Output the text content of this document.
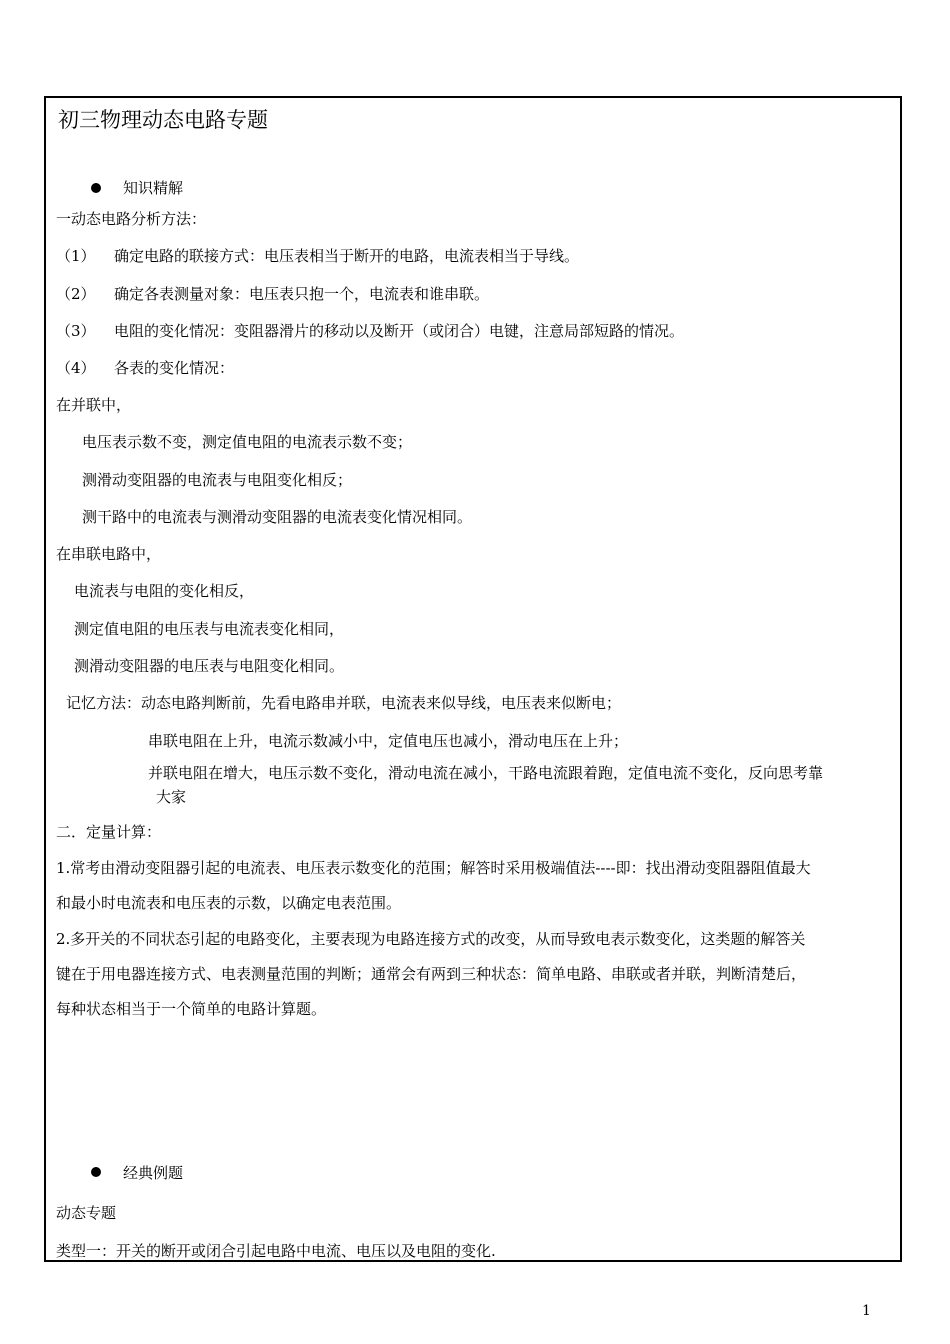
初三物理动态电路专题
知识精解
一动态电路分析方法：
（1） 确定电路的联接方式：电压表相当于断开的电路，电流表相当于导线。
（2） 确定各表测量对象：电压表只抱一个，电流表和谁串联。
（3） 电阻的变化情况：变阻器滑片的移动以及断开（或闭合）电键，注意局部短路的情况。
（4） 各表的变化情况：
在并联中，
电压表示数不变，测定值电阻的电流表示数不变；
测滑动变阻器的电流表与电阻变化相反；
测干路中的电流表与测滑动变阻器的电流表变化情况相同。
在串联电路中，
电流表与电阻的变化相反，
测定值电阻的电压表与电流表变化相同，
测滑动变阻器的电压表与电阻变化相同。
记忆方法：动态电路判断前，先看电路串并联，电流表来似导线，电压表来似断电；
串联电阻在上升，电流示数减小中，定值电压也减小，滑动电压在上升；
并联电阻在增大，电压示数不变化，滑动电流在减小，干路电流跟着跑，定值电流不变化，反向思考靠
大家
二．定量计算：
1.常考由滑动变阻器引起的电流表、电压表示数变化的范围；解答时采用极端值法----即：找出滑动变阻器阻值最大
和最小时电流表和电压表的示数，以确定电表范围。
2.多开关的不同状态引起的电路变化，主要表现为电路连接方式的改变，从而导致电表示数变化，这类题的解答关
键在于用电器连接方式、电表测量范围的判断；通常会有两到三种状态：简单电路、串联或者并联，判断清楚后，
每种状态相当于一个简单的电路计算题。
经典例题
动态专题
类型一：开关的断开或闭合引起电路中电流、电压以及电阻的变化.
1
